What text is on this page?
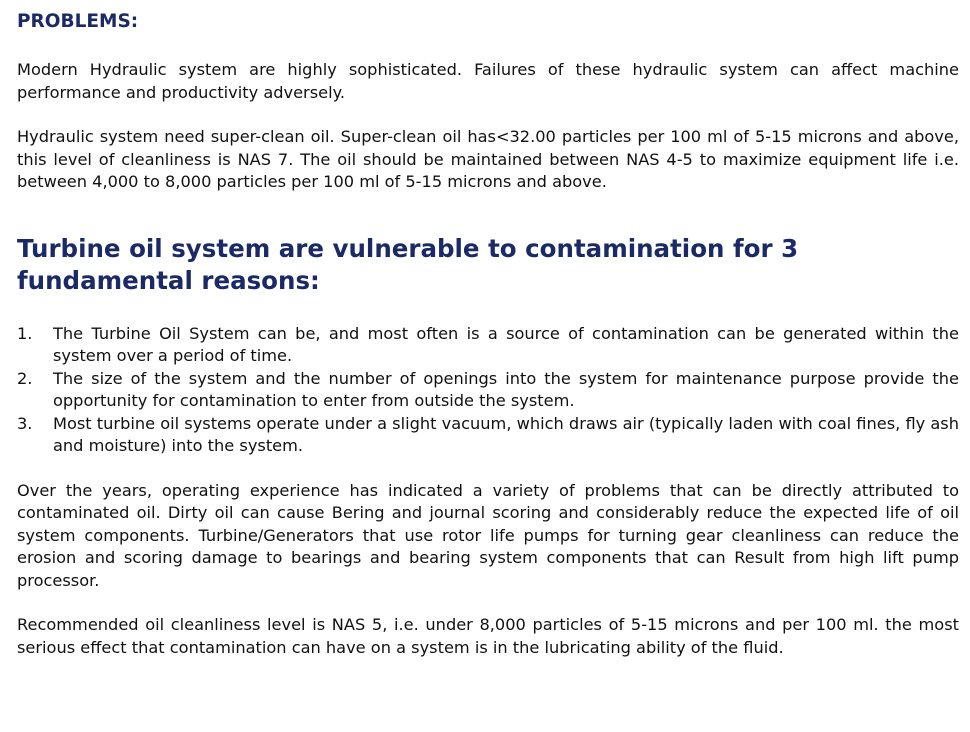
PROBLEMS:

Modern Hydraulic system are highly sophisticated. Failures of these hydraulic system can affect machine performance and productivity adversely.

Hydraulic system need super-clean oil. Super-clean oil has<32.00 particles per 100 ml of 5-15 microns and above, this level of cleanliness is NAS 7. The oil should be maintained between NAS 4-5 to maximize equipment life i.e. between 4,000 to 8,000 particles per 100 ml of 5-15 microns and above.

Turbine oil system are vulnerable to contamination for 3 fundamental reasons:
1. The Turbine Oil System can be, and most often is a source of contamination can be generated within the system over a period of time.
2. The size of the system and the number of openings into the system for maintenance purpose provide the opportunity for contamination to enter from outside the system.
3. Most turbine oil systems operate under a slight vacuum, which draws air (typically laden with coal fines, fly ash and moisture) into the system.

Over the years, operating experience has indicated a variety of problems that can be directly attributed to contaminated oil. Dirty oil can cause Bering and journal scoring and considerably reduce the expected life of oil system components. Turbine/Generators that use rotor life pumps for turning gear cleanliness can reduce the erosion and scoring damage to bearings and bearing system components that can Result from high lift pump processor.

Recommended oil cleanliness level is NAS 5, i.e. under 8,000 particles of 5-15 microns and per 100 ml. the most serious effect that contamination can have on a system is in the lubricating ability of the fluid.
